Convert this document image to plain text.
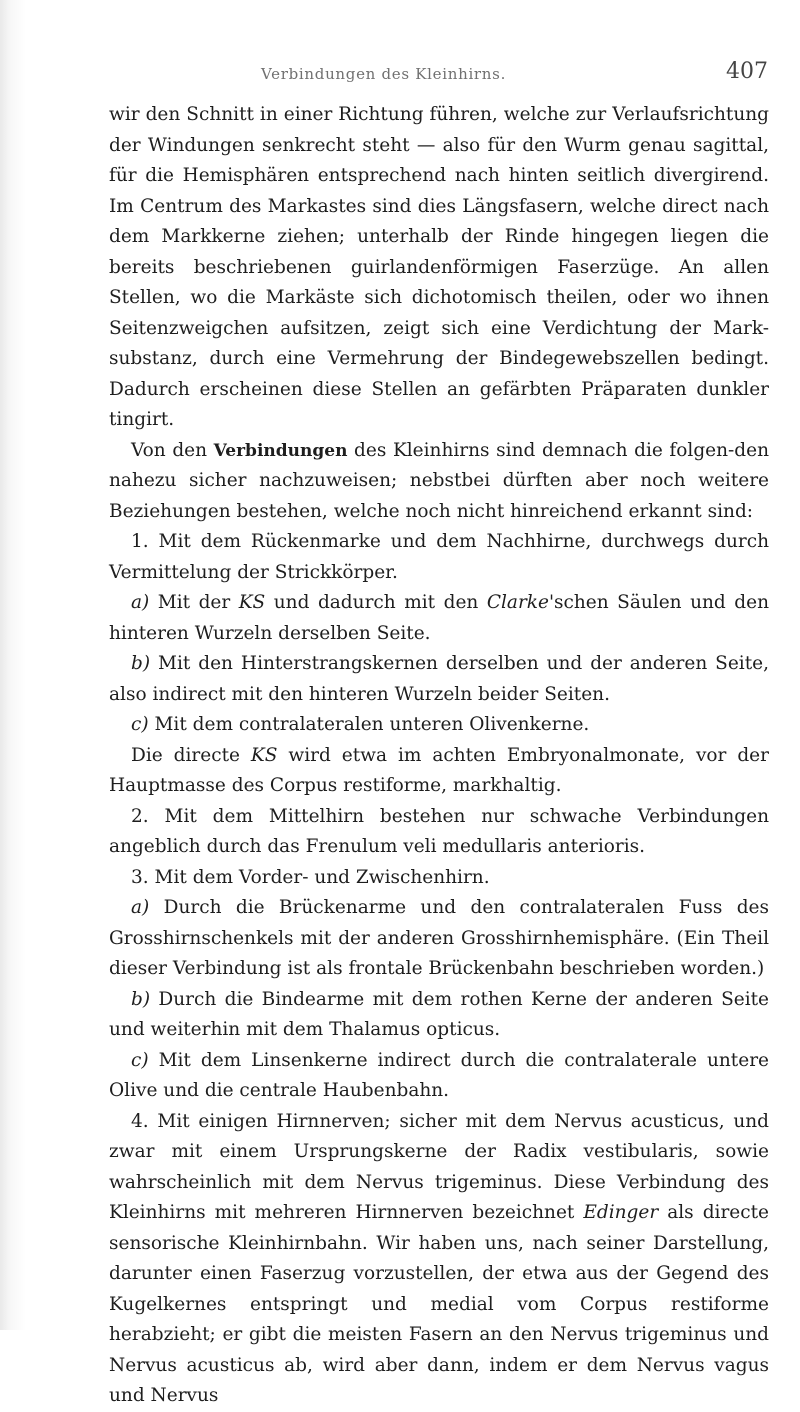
Verbindungen des Kleinhirns.	407

wir den Schnitt in einer Richtung führen, welche zur Verlaufsrichtung der Windungen senkrecht steht — also für den Wurm genau sagittal, für die Hemisphären entsprechend nach hinten seitlich divergirend. Im Centrum des Markastes sind dies Längsfasern, welche direct nach dem Markkerne ziehen; unterhalb der Rinde hingegen liegen die bereits beschriebenen guirlandenförmigen Faserzüge. An allen Stellen, wo die Markäste sich dichotomisch theilen, oder wo ihnen Seitenzweigchen aufsitzen, zeigt sich eine Verdichtung der Mark-substanz, durch eine Vermehrung der Bindegewebszellen bedingt. Dadurch erscheinen diese Stellen an gefärbten Präparaten dunkler tingirt.

Von den Verbindungen des Kleinhirns sind demnach die folgen-den nahezu sicher nachzuweisen; nebstbei dürften aber noch weitere Beziehungen bestehen, welche noch nicht hinreichend erkannt sind:

1. Mit dem Rückenmarke und dem Nachhirne, durchwegs durch Vermittelung der Strickkörper.

a) Mit der KS und dadurch mit den Clarke'schen Säulen und den hinteren Wurzeln derselben Seite.

b) Mit den Hinterstrangskernen derselben und der anderen Seite, also indirect mit den hinteren Wurzeln beider Seiten.

c) Mit dem contralateralen unteren Olivenkerne.

Die directe KS wird etwa im achten Embryonalmonate, vor der Hauptmasse des Corpus restiforme, markhaltig.

2. Mit dem Mittelhirn bestehen nur schwache Verbindungen angeblich durch das Frenulum veli medullaris anterioris.

3. Mit dem Vorder- und Zwischenhirn.

a) Durch die Brückenarme und den contralateralen Fuss des Grosshirnschenkels mit der anderen Grosshirnhemisphäre. (Ein Theil dieser Verbindung ist als frontale Brückenbahn beschrieben worden.)

b) Durch die Bindearme mit dem rothen Kerne der anderen Seite und weiterhin mit dem Thalamus opticus.

c) Mit dem Linsenkerne indirect durch die contralaterale untere Olive und die centrale Haubenbahn.

4. Mit einigen Hirnnerven; sicher mit dem Nervus acusticus, und zwar mit einem Ursprungskerne der Radix vestibularis, sowie wahrscheinlich mit dem Nervus trigeminus. Diese Verbindung des Kleinhirns mit mehreren Hirnnerven bezeichnet Edinger als directe sensorische Kleinhirnbahn. Wir haben uns, nach seiner Darstellung, darunter einen Faserzug vorzustellen, der etwa aus der Gegend des Kugelkernes entspringt und medial vom Corpus restiforme herabzieht; er gibt die meisten Fasern an den Nervus trigeminus und Nervus acusticus ab, wird aber dann, indem er dem Nervus vagus und Nervus
